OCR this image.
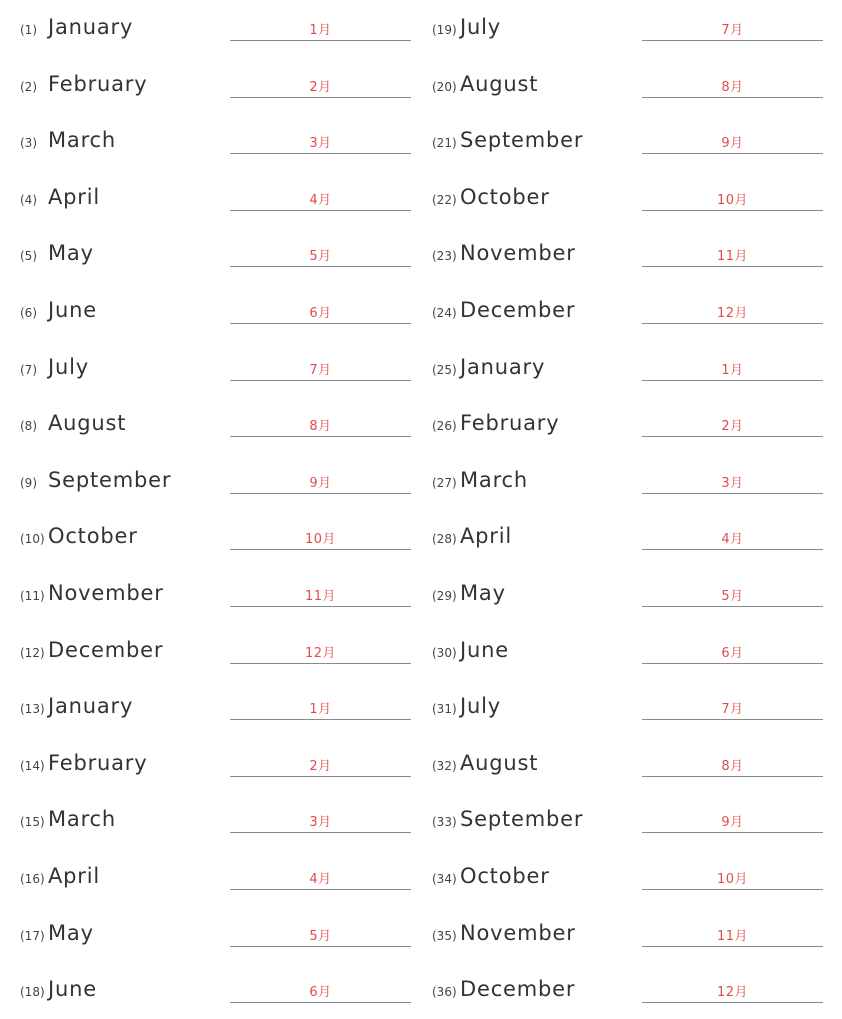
(1) January	1月
(2) February	2月
(3) March	3月
(4) April	4月
(5) May	5月
(6) June	6月
(7) July	7月
(8) August	8月
(9) September	9月
(10) October	10月
(11) November	11月
(12) December	12月
(13) January	1月
(14) February	2月
(15) March	3月
(16) April	4月
(17) May	5月
(18) June	6月
(19) July	7月
(20) August	8月
(21) September	9月
(22) October	10月
(23) November	11月
(24) December	12月
(25) January	1月
(26) February	2月
(27) March	3月
(28) April	4月
(29) May	5月
(30) June	6月
(31) July	7月
(32) August	8月
(33) September	9月
(34) October	10月
(35) November	11月
(36) December	12月
